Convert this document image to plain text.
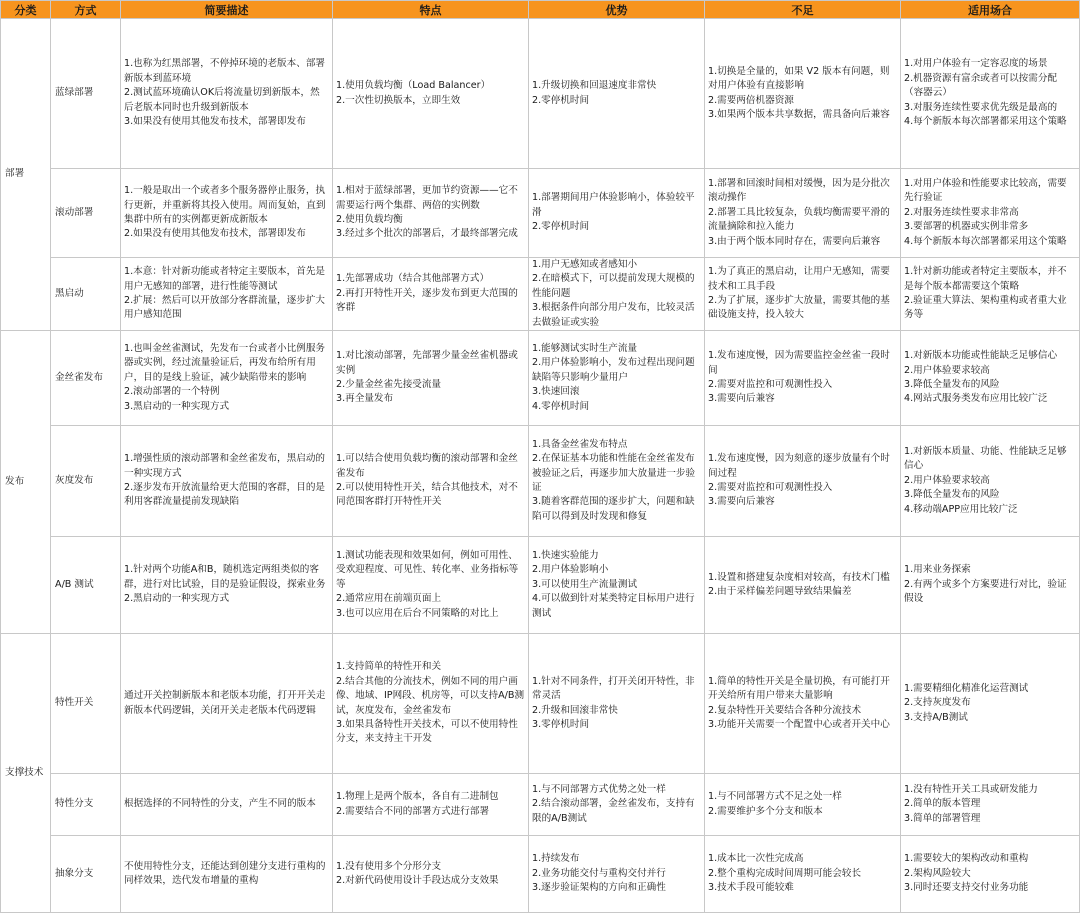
分类	方式	简要描述	特点	优势	不足	适用场合
部署	蓝绿部署	1.也称为红黑部署，不停掉环境的老版本、部署新版本到蓝环境
2.测试蓝环境确认OK后将流量切到新版本，然后老版本同时也升级到新版本
3.如果没有使用其他发布技术，部署即发布	1.使用负载均衡（Load Balancer）
2.一次性切换版本，立即生效	1.升级切换和回退速度非常快
2.零停机时间	1.切换是全量的，如果 V2 版本有问题，则对用户体验有直接影响
2.需要两倍机器资源
3.如果两个版本共享数据，需具备向后兼容	1.对用户体验有一定容忍度的场景
2.机器资源有富余或者可以按需分配（容器云）
3.对服务连续性要求优先级是最高的
4.每个新版本每次部署都采用这个策略

	滚动部署	1.一般是取出一个或者多个服务器停止服务，执行更新，并重新将其投入使用。周而复始，直到集群中所有的实例都更新成新版本
2.如果没有使用其他发布技术，部署即发布	1.相对于蓝绿部署，更加节约资源——它不需要运行两个集群、两倍的实例数
2.使用负载均衡
3.经过多个批次的部署后，才最终部署完成	1.部署期间用户体验影响小，体验较平滑
2.零停机时间	1.部署和回滚时间相对缓慢，因为是分批次滚动操作
2.部署工具比较复杂，负载均衡需要平滑的流量摘除和拉入能力
3.由于两个版本同时存在，需要向后兼容	1.对用户体验和性能要求比较高，需要先行验证
2.对服务连续性要求非常高
3.要部署的机器或实例非常多
4.每个新版本每次部署都采用这个策略

	黑启动	1.本意：针对新功能或者特定主要版本，首先是用户无感知的部署，进行性能等测试
2.扩展：然后可以开放部分客群流量，逐步扩大用户感知范围	1.先部署成功（结合其他部署方式）
2.再打开特性开关，逐步发布到更大范围的客群	1.用户无感知或者感知小
2.在暗模式下，可以提前发现大规模的性能问题
3.根据条件向部分用户发布，比较灵活去做验证或实验	1.为了真正的黑启动，让用户无感知，需要技术和工具手段
2.为了扩展，逐步扩大放量，需要其他的基础设施支持，投入较大	1.针对新功能或者特定主要版本，并不是每个版本都需要这个策略
2.验证重大算法、架构重构或者重大业务等

发布	金丝雀发布	1.也叫金丝雀测试，先发布一台或者小比例服务器或实例，经过流量验证后，再发布给所有用户，目的是线上验证，减少缺陷带来的影响
2.滚动部署的一个特例
3.黑启动的一种实现方式	1.对比滚动部署，先部署少量金丝雀机器或实例
2.少量金丝雀先接受流量
3.再全量发布	1.能够测试实时生产流量
2.用户体验影响小，发布过程出现问题缺陷等只影响少量用户
3.快速回滚
4.零停机时间	1.发布速度慢，因为需要监控金丝雀一段时间
2.需要对监控和可观测性投入
3.需要向后兼容	1.对新版本功能或性能缺乏足够信心
2.用户体验要求较高
3.降低全量发布的风险
4.网站式服务类发布应用比较广泛

	灰度发布	1.增强性质的滚动部署和金丝雀发布，黑启动的一种实现方式
2.逐步发布开放流量给更大范围的客群，目的是利用客群流量提前发现缺陷	1.可以结合使用负载均衡的滚动部署和金丝雀发布
2.可以使用特性开关，结合其他技术，对不同范围客群打开特性开关	1.具备金丝雀发布特点
2.在保证基本功能和性能在金丝雀发布被验证之后，再逐步加大放量进一步验证
3.随着客群范围的逐步扩大，问题和缺陷可以得到及时发现和修复	1.发布速度慢，因为刻意的逐步放量有个时间过程
2.需要对监控和可观测性投入
3.需要向后兼容	1.对新版本质量、功能、性能缺乏足够信心
2.用户体验要求较高
3.降低全量发布的风险
4.移动端APP应用比较广泛

	A/B 测试	1.针对两个功能A和B，随机选定两组类似的客群，进行对比试验，目的是验证假设，探索业务
2.黑启动的一种实现方式	1.测试功能表现和效果如何，例如可用性、受欢迎程度、可见性、转化率、业务指标等等
2.通常应用在前端页面上
3.也可以应用在后台不同策略的对比上	1.快速实验能力
2.用户体验影响小
3.可以使用生产流量测试
4.可以做到针对某类特定目标用户进行测试	1.设置和搭建复杂度相对较高，有技术门槛
2.由于采样偏差问题导致结果偏差	1.用来业务探索
2.有两个或多个方案要进行对比，验证假设

支撑技术	特性开关	通过开关控制新版本和老版本功能，打开开关走新版本代码逻辑，关闭开关走老版本代码逻辑	1.支持简单的特性开和关
2.结合其他的分流技术，例如不同的用户画像、地域、IP网段、机房等，可以支持A/B测试，灰度发布，金丝雀发布
3.如果具备特性开关技术，可以不使用特性分支，来支持主干开发	1.针对不同条件，打开关闭开特性，非常灵活
2.升级和回滚非常快
3.零停机时间	1.简单的特性开关是全量切换，有可能打开开关给所有用户带来大量影响
2.复杂特性开关要结合各种分流技术
3.功能开关需要一个配置中心或者开关中心	1.需要精细化精准化运营测试
2.支持灰度发布
3.支持A/B测试

	特性分支	根据选择的不同特性的分支，产生不同的版本	1.物理上是两个版本，各自有二进制包
2.需要结合不同的部署方式进行部署	1.与不同部署方式优势之处一样
2.结合滚动部署，金丝雀发布，支持有限的A/B测试	1.与不同部署方式不足之处一样
2.需要维护多个分支和版本	1.没有特性开关工具或研发能力
2.简单的版本管理
3.简单的部署管理

	抽象分支	不使用特性分支，还能达到创建分支进行重构的同样效果，迭代发布增量的重构	1.没有使用多个分形分支
2.对新代码使用设计手段达成分支效果	1.持续发布
2.业务功能交付与重构交付并行
3.逐步验证架构的方向和正确性	1.成本比一次性完成高
2.整个重构完成时间周期可能会较长
3.技术手段可能较难	1.需要较大的架构改动和重构
2.架构风险较大
3.同时还要支持交付业务功能
